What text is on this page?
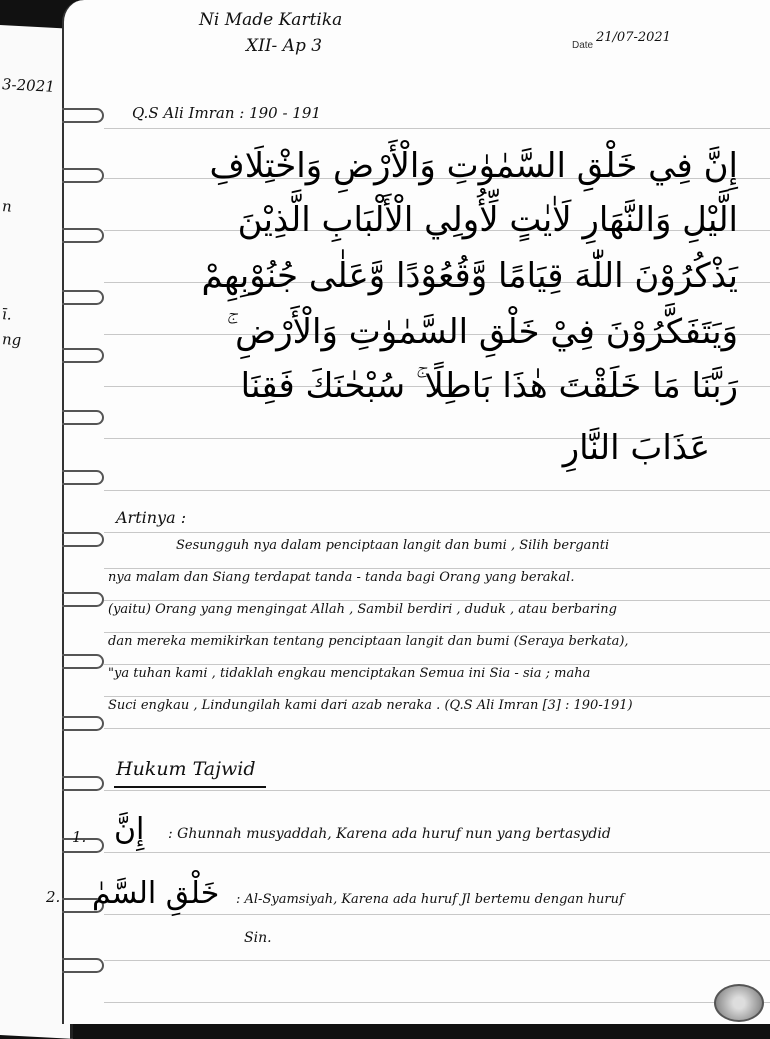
3-2021
n
ī.
ng
Ni Made Kartika
XII- Ap 3	Date
21/07-2021
Q.S Ali Imran : 190 - 191
إِنَّ فِي خَلْقِ السَّمٰوٰتِ وَالْأَرْضِ وَاخْتِلَافِ
الَّيْلِ وَالنَّهَارِ لَاٰيٰتٍ لِّأُولِي الْأَلْبَابِ الَّذِيْنَ
يَذْكُرُوْنَ اللّٰهَ قِيَامًا وَّقُعُوْدًا وَّعَلٰى جُنُوْبِهِمْ
وَيَتَفَكَّرُوْنَ فِيْ خَلْقِ السَّمٰوٰتِ وَالْأَرْضِ ۚ
رَبَّنَا مَا خَلَقْتَ هٰذَا بَاطِلًا ۚ سُبْحٰنَكَ فَقِنَا
عَذَابَ النَّارِ
Artinya :
Sesungguh nya dalam penciptaan langit dan bumi , Silih berganti
nya malam dan Siang terdapat tanda - tanda bagi Orang yang berakal.
(yaitu) Orang yang mengingat Allah , Sambil berdiri , duduk , atau berbaring
dan mereka memikirkan tentang penciptaan langit dan bumi (Seraya berkata),
"ya tuhan kami , tidaklah engkau menciptakan Semua ini Sia - sia ; maha
Suci engkau , Lindungilah kami dari azab neraka . (Q.S Ali Imran [3] : 190-191)
Hukum Tajwid
1. إِنَّ : Ghunnah musyaddah, Karena ada huruf nun yang bertasydid
2. خَلْقِ السَّمٰ : Al-Syamsiyah, Karena ada huruf Jl bertemu dengan huruf
Sin.
